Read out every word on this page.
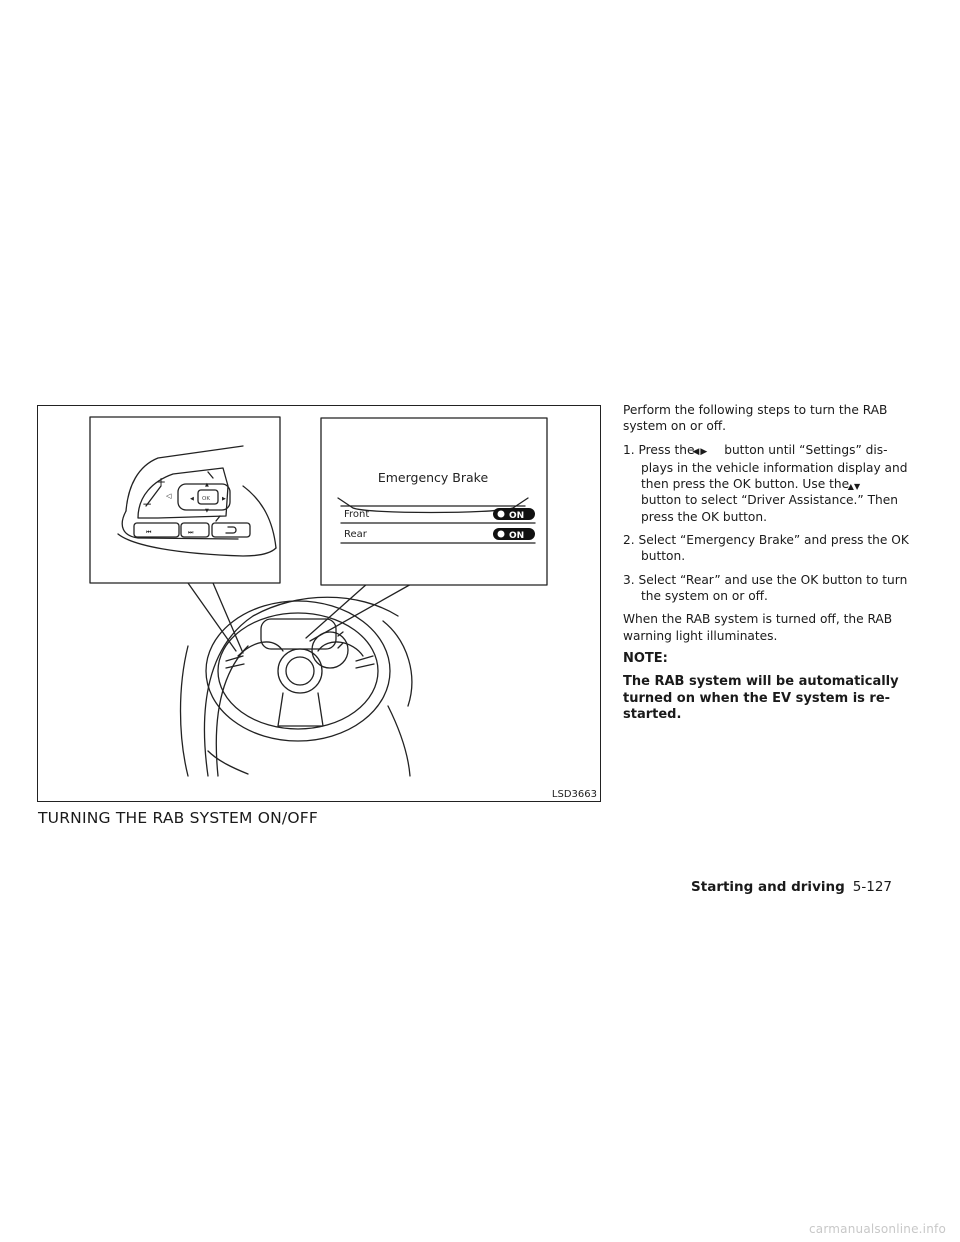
+
−	OK
◁	◀	▶
▲
▼
⏮	⏭
Emergency Brake
Front
Rear
ON
ON
LSD3663
TURNING THE RAB SYSTEM ON/OFF

Perform the following steps to turn the RAB system on or off.

1. Press the ◀▶ button until “Settings” dis- plays in the vehicle information display and then press the OK button. Use the ▲▼ button to select “Driver Assistance.” Then press the OK button.

2. Select “Emergency Brake” and press the OK button.

3. Select “Rear” and use the OK button to turn the system on or off.

When the RAB system is turned off, the RAB warning light illuminates.

NOTE:

The RAB system will be automatically turned on when the EV system is re- started.

Starting and driving 5-127
carmanualsonline.info
